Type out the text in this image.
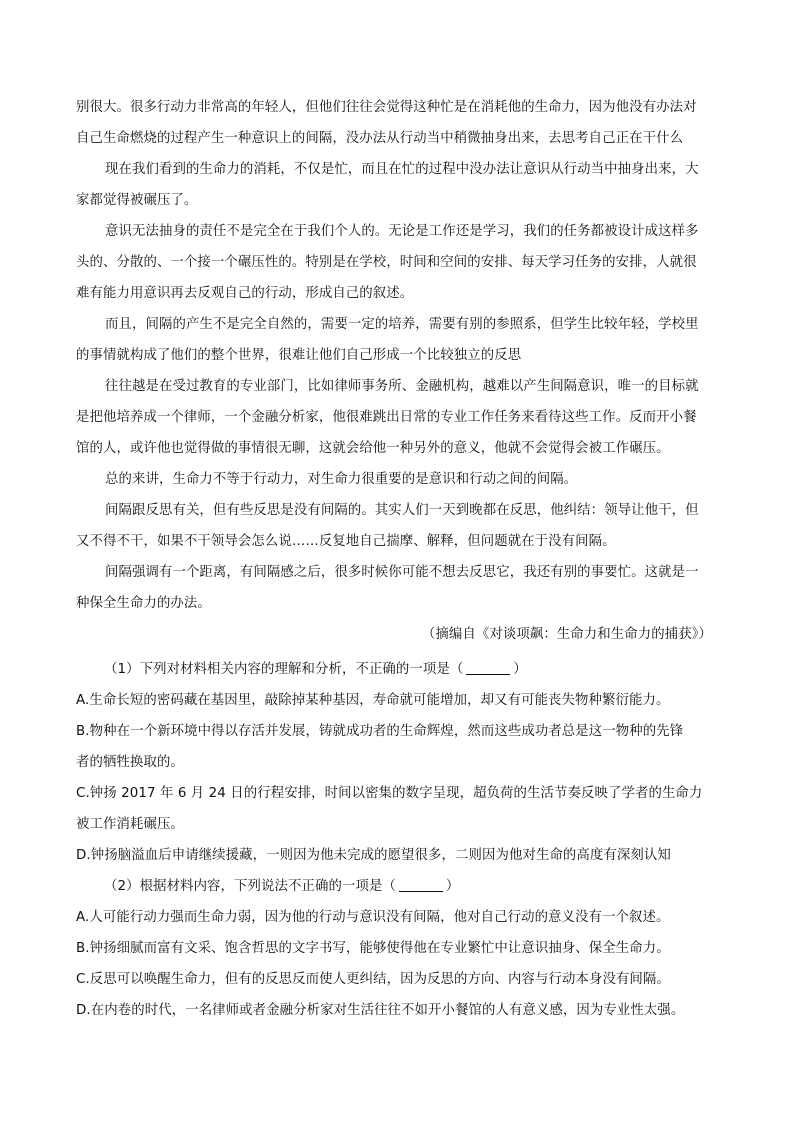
别很大。很多行动力非常高的年轻人，但他们往往会觉得这种忙是在消耗他的生命力，因为他没有办法对
自己生命燃烧的过程产生一种意识上的间隔，没办法从行动当中稍微抽身出来，去思考自己正在干什么
现在我们看到的生命力的消耗，不仅是忙，而且在忙的过程中没办法让意识从行动当中抽身出来，大
家都觉得被碾压了。
意识无法抽身的责任不是完全在于我们个人的。无论是工作还是学习，我们的任务都被设计成这样多
头的、分散的、一个接一个碾压性的。特别是在学校，时间和空间的安排、每天学习任务的安排，人就很
难有能力用意识再去反观自己的行动，形成自己的叙述。
而且，间隔的产生不是完全自然的，需要一定的培养，需要有别的参照系，但学生比较年轻，学校里
的事情就构成了他们的整个世界，很难让他们自己形成一个比较独立的反思
往往越是在受过教育的专业部门，比如律师事务所、金融机构，越难以产生间隔意识，唯一的目标就
是把他培养成一个律师，一个金融分析家，他很难跳出日常的专业工作任务来看待这些工作。反而开小餐
馆的人，或许他也觉得做的事情很无聊，这就会给他一种另外的意义，他就不会觉得会被工作碾压。
总的来讲，生命力不等于行动力，对生命力很重要的是意识和行动之间的间隔。
间隔跟反思有关，但有些反思是没有间隔的。其实人们一天到晚都在反思，他纠结：领导让他干，但
又不得不干，如果不干领导会怎么说……反复地自己揣摩、解释，但问题就在于没有间隔。
间隔强调有一个距离，有间隔感之后，很多时候你可能不想去反思它，我还有别的事要忙。这就是一
种保全生命力的办法。
（摘编自《对谈项飙：生命力和生命力的捕获》）
（1）下列对材料相关内容的理解和分析，不正确的一项是（	）
A.生命长短的密码藏在基因里，敲除掉某种基因，寿命就可能增加，却又有可能丧失物种繁衍能力。
B.物种在一个新环境中得以存活并发展，铸就成功者的生命辉煌，然而这些成功者总是这一物种的先锋
者的牺牲换取的。
C.钟扬 2017 年 6 月 24 日的行程安排，时间以密集的数字呈现，超负荷的生活节奏反映了学者的生命力
被工作消耗碾压。
D.钟扬脑溢血后申请继续援藏，一则因为他未完成的愿望很多，二则因为他对生命的高度有深刻认知
（2）根据材料内容，下列说法不正确的一项是（	）
A.人可能行动力强而生命力弱，因为他的行动与意识没有间隔，他对自己行动的意义没有一个叙述。
B.钟扬细腻而富有文采、饱含哲思的文字书写，能够使得他在专业繁忙中让意识抽身、保全生命力。
C.反思可以唤醒生命力，但有的反思反而使人更纠结，因为反思的方向、内容与行动本身没有间隔。
D.在内卷的时代，一名律师或者金融分析家对生活往往不如开小餐馆的人有意义感，因为专业性太强。
